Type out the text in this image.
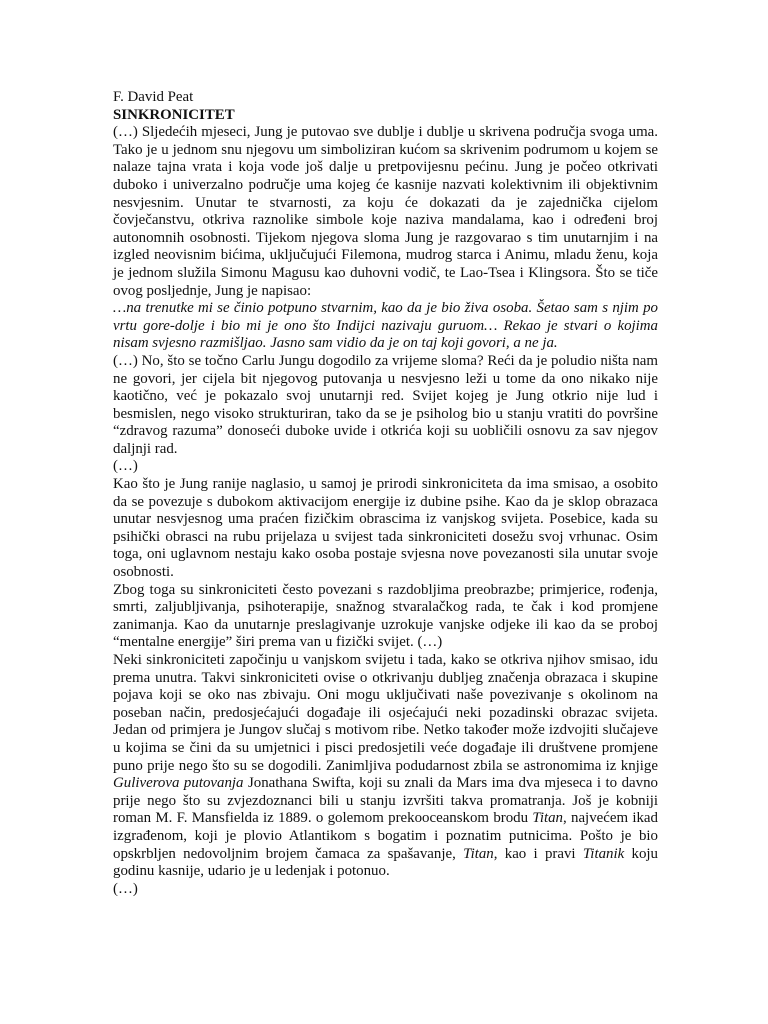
F. David Peat

SINKRONICITET

(…) Sljedećih mjeseci, Jung je putovao sve dublje i dublje u skrivena područja svoga uma. Tako je u jednom snu njegovu um simboliziran kućom sa skrivenim podrumom u kojem se nalaze tajna vrata i koja vode još dalje u pretpovijesnu pećinu. Jung je počeo otkrivati duboko i univerzalno područje uma kojeg će kasnije nazvati kolektivnim ili objektivnim nesvjesnim. Unutar te stvarnosti, za koju će dokazati da je zajednička cijelom čovječanstvu, otkriva raznolike simbole koje naziva mandalama, kao i određeni broj autonomnih osobnosti. Tijekom njegova sloma Jung je razgovarao s tim unutarnjim i na izgled neovisnim bićima, uključujući Filemona, mudrog starca i Animu, mladu ženu, koja je jednom služila Simonu Magusu kao duhovni vodič, te Lao-Tsea i Klingsora. Što se tiče ovog posljednje, Jung je napisao:

…na trenutke mi se činio potpuno stvarnim, kao da je bio živa osoba. Šetao sam s njim po vrtu gore-dolje i bio mi je ono što Indijci nazivaju guruom… Rekao je stvari o kojima nisam svjesno razmišljao. Jasno sam vidio da je on taj koji govori, a ne ja.

(…) No, što se točno Carlu Jungu dogodilo za vrijeme sloma? Reći da je poludio ništa nam ne govori, jer cijela bit njegovog putovanja u nesvjesno leži u tome da ono nikako nije kaotično, već je pokazalo svoj unutarnji red. Svijet kojeg je Jung otkrio nije lud i besmislen, nego visoko strukturiran, tako da se je psiholog bio u stanju vratiti do površine “zdravog razuma” donoseći duboke uvide i otkrića koji su uobličili osnovu za sav njegov daljnji rad.

(…)

Kao što je Jung ranije naglasio, u samoj je prirodi sinkroniciteta da ima smisao, a osobito da se povezuje s dubokom aktivacijom energije iz dubine psihe. Kao da je sklop obrazaca unutar nesvjesnog uma praćen fizičkim obrascima iz vanjskog svijeta. Posebice, kada su psihički obrasci na rubu prijelaza u svijest tada sinkroniciteti dosežu svoj vrhunac. Osim toga, oni uglavnom nestaju kako osoba postaje svjesna nove povezanosti sila unutar svoje osobnosti.

Zbog toga su sinkroniciteti često povezani s razdobljima preobrazbe; primjerice, rođenja, smrti, zaljubljivanja, psihoterapije, snažnog stvaralačkog rada, te čak i kod promjene zanimanja. Kao da unutarnje preslagivanje uzrokuje vanjske odjeke ili kao da se proboj “mentalne energije” širi prema van u fizički svijet. (…)

Neki sinkroniciteti započinju u vanjskom svijetu i tada, kako se otkriva njihov smisao, idu prema unutra. Takvi sinkroniciteti ovise o otkrivanju dubljeg značenja obrazaca i skupine pojava koji se oko nas zbivaju. Oni mogu uključivati naše povezivanje s okolinom na poseban način, predosjećajući događaje ili osjećajući neki pozadinski obrazac svijeta. Jedan od primjera je Jungov slučaj s motivom ribe. Netko također može izdvojiti slučajeve u kojima se čini da su umjetnici i pisci predosjetili veće događaje ili društvene promjene puno prije nego što su se dogodili. Zanimljiva podudarnost zbila se astronomima iz knjige Guliverova putovanja Jonathana Swifta, koji su znali da Mars ima dva mjeseca i to davno prije nego što su zvjezdoznanci bili u stanju izvršiti takva promatranja. Još je kobniji roman M. F. Mansfielda iz 1889. o golemom prekooceanskom brodu Titan, najvećem ikad izgrađenom, koji je plovio Atlantikom s bogatim i poznatim putnicima. Pošto je bio opskrbljen nedovoljnim brojem čamaca za spašavanje, Titan, kao i pravi Titanik koju godinu kasnije, udario je u ledenjak i potonuo.

(…)
